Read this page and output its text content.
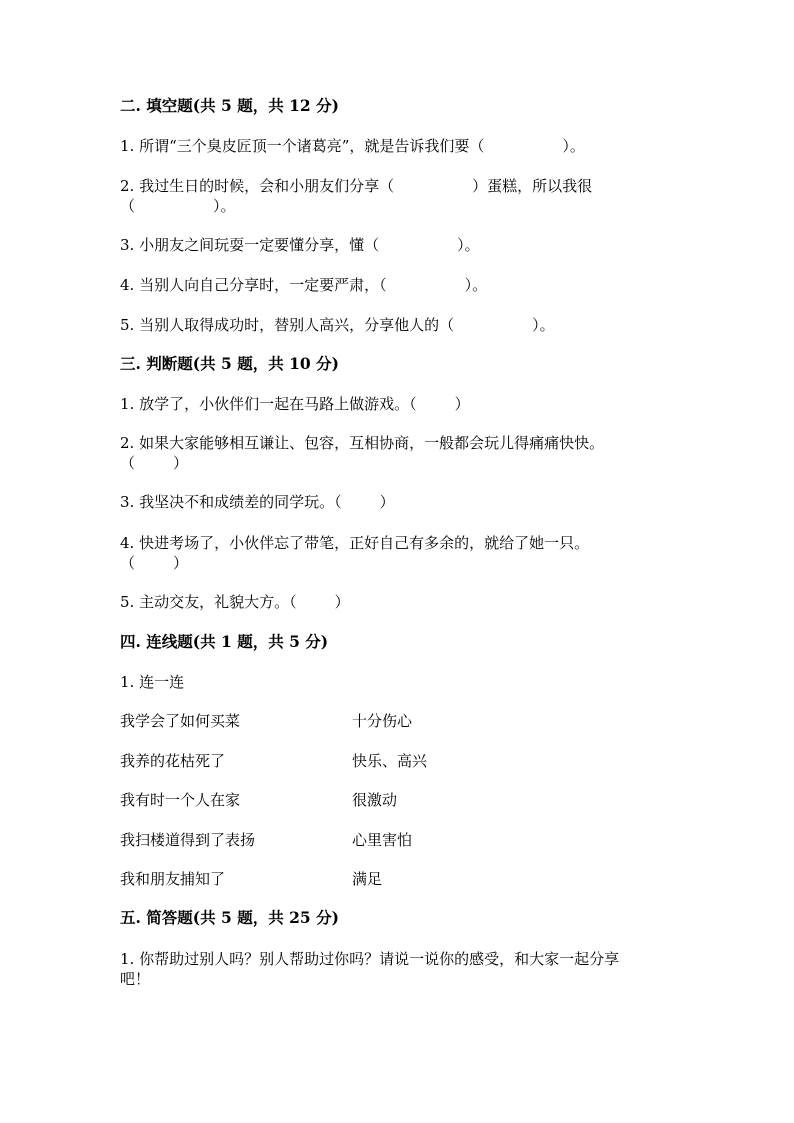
二. 填空题(共 5 题，共 12 分)
1. 所谓“三个臭皮匠顶一个诸葛亮”，就是告诉我们要（	）。
2. 我过生日的时候，会和小朋友们分享（	）蛋糕，所以我很
（	）。
3. 小朋友之间玩耍一定要懂分享，懂（	）。
4. 当别人向自己分享时，一定要严肃，（	）。
5. 当别人取得成功时，替别人高兴，分享他人的（	）。
三. 判断题(共 5 题，共 10 分)
1. 放学了，小伙伴们一起在马路上做游戏。（	）
2. 如果大家能够相互谦让、包容，互相协商，一般都会玩儿得痛痛快快。
（	）
3. 我坚决不和成绩差的同学玩。（	）
4. 快进考场了，小伙伴忘了带笔，正好自己有多余的，就给了她一只。
（	）
5. 主动交友，礼貌大方。（	）
四. 连线题(共 1 题，共 5 分)
1. 连一连
我学会了如何买菜	十分伤心
我养的花枯死了	快乐、高兴
我有时一个人在家	很激动
我扫楼道得到了表扬	心里害怕
我和朋友捕知了	满足
五. 简答题(共 5 题，共 25 分)
1. 你帮助过别人吗？别人帮助过你吗？请说一说你的感受，和大家一起分享
吧！
